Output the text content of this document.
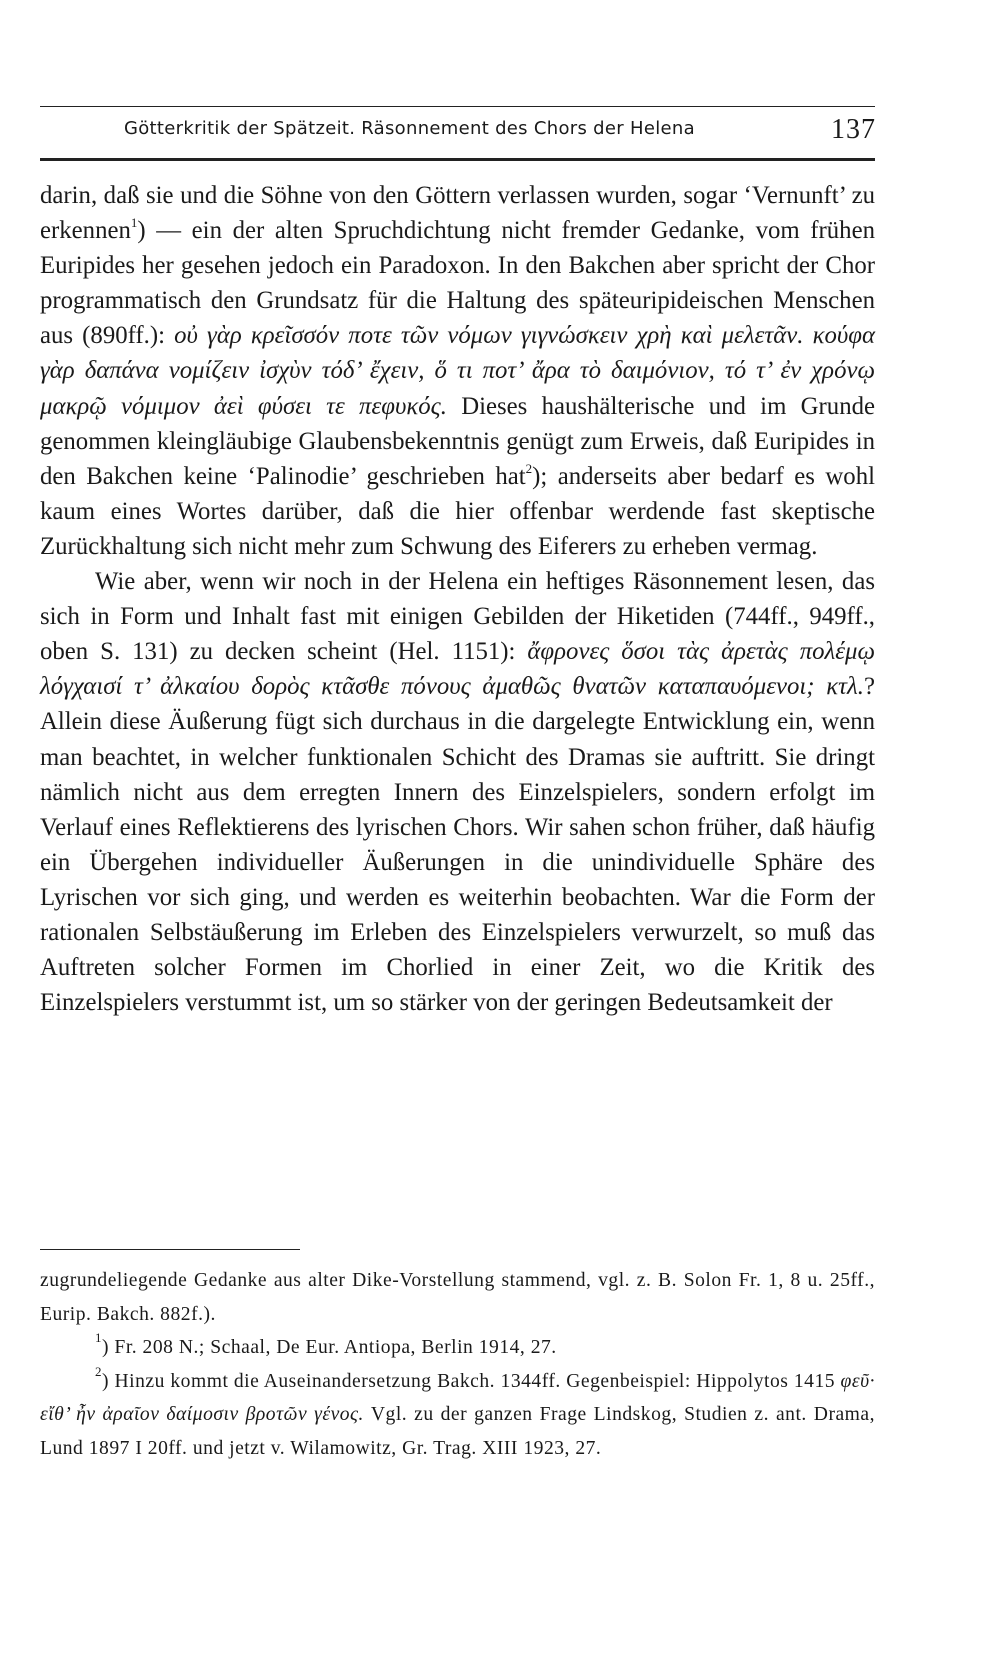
Götterkritik der Spätzeit. Räsonnement des Chors der Helena	137

darin, daß sie und die Söhne von den Göttern verlassen wurden, sogar ‘Vernunft’ zu erkennen$^1$) — ein der alten Spruchdichtung nicht fremder Gedanke, vom frühen Euripides her gesehen jedoch ein Paradoxon. In den Bakchen aber spricht der Chor programmatisch den Grundsatz für die Haltung des späteuripideischen Menschen aus (890ff.): οὐ γὰρ κρεῖσσόν ποτε τῶν νόμων γιγνώσκειν χρὴ καὶ μελετᾶν. κούφα γὰρ δαπάνα νομίζειν ἰσχὺν τόδ’ ἔχειν, ὅ τι ποτ’ ἄρα τὸ δαιμόνιον, τό τ’ ἐν χρόνῳ μακρῷ νόμιμον ἀεὶ φύσει τε πεφυκός. Dieses haushälterische und im Grunde genommen kleingläubige Glaubensbekenntnis genügt zum Erweis, daß Euripides in den Bakchen keine ‘Palinodie’ geschrieben hat$^2$); anderseits aber bedarf es wohl kaum eines Wortes darüber, daß die hier offenbar werdende fast skeptische Zurückhaltung sich nicht mehr zum Schwung des Eiferers zu erheben vermag.

Wie aber, wenn wir noch in der Helena ein heftiges Räsonnement lesen, das sich in Form und Inhalt fast mit einigen Gebilden der Hiketiden (744ff., 949ff., oben S. 131) zu decken scheint (Hel. 1151): ἄφρονες ὅσοι τὰς ἀρετὰς πολέμῳ λόγχαισί τ’ ἀλκαίου δορὸς κτᾶσθε πόνους ἀμαθῶς θνατῶν καταπαυόμενοι; κτλ.? Allein diese Äußerung fügt sich durchaus in die dargelegte Entwicklung ein, wenn man beachtet, in welcher funktionalen Schicht des Dramas sie auftritt. Sie dringt nämlich nicht aus dem erregten Innern des Einzelspielers, sondern erfolgt im Verlauf eines Reflektierens des lyrischen Chors. Wir sahen schon früher, daß häufig ein Übergehen individueller Äußerungen in die unindividuelle Sphäre des Lyrischen vor sich ging, und werden es weiterhin beobachten. War die Form der rationalen Selbstäußerung im Erleben des Einzelspielers verwurzelt, so muß das Auftreten solcher Formen im Chorlied in einer Zeit, wo die Kritik des Einzelspielers verstummt ist, um so stärker von der geringen Bedeutsamkeit der

zugrundeliegende Gedanke aus alter Dike-Vorstellung stammend, vgl. z. B. Solon Fr. 1, 8 u. 25ff., Eurip. Bakch. 882f.).

$^1$) Fr. 208 N.; Schaal, De Eur. Antiopa, Berlin 1914, 27.

$^2$) Hinzu kommt die Auseinandersetzung Bakch. 1344ff. Gegenbeispiel: Hippolytos 1415 φεῦ· εἴθ’ ἦν ἀραῖον δαίμοσιν βροτῶν γένος. Vgl. zu der ganzen Frage Lindskog, Studien z. ant. Drama, Lund 1897 I 20ff. und jetzt v. Wilamowitz, Gr. Trag. XIII 1923, 27.
